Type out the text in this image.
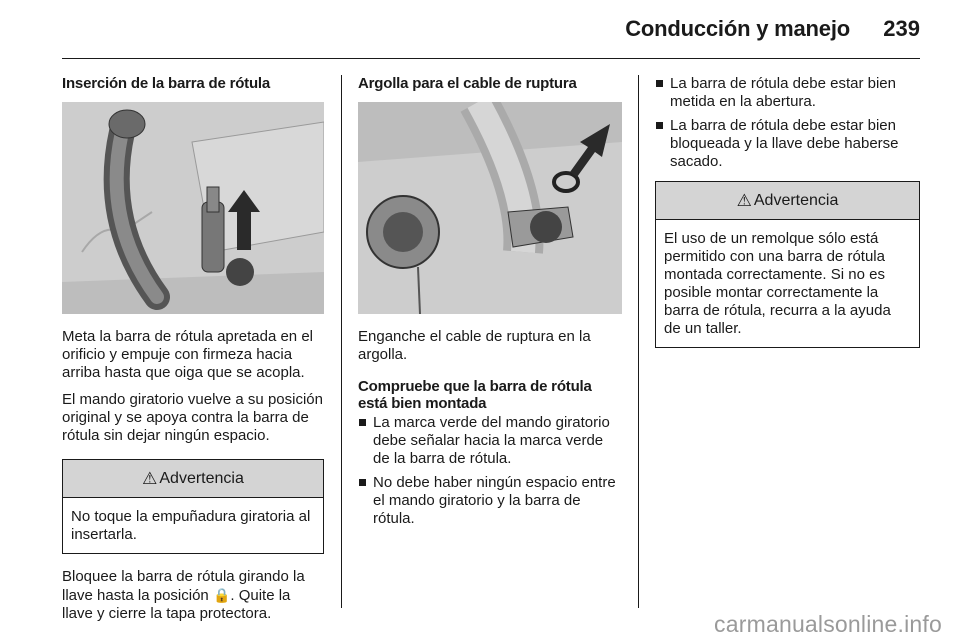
Conducción y manejo 239
Inserción de la barra de rótula

Meta la barra de rótula apretada en el orificio y empuje con firmeza hacia arriba hasta que oiga que se acopla.

El mando giratorio vuelve a su posición original y se apoya contra la barra de rótula sin dejar ningún espacio.

⚠ Advertencia
No toque la empuñadura giratoria al insertarla.

Bloquee la barra de rótula girando la llave hasta la posición 🔒. Quite la llave y cierre la tapa protectora.

Argolla para el cable de ruptura

Enganche el cable de ruptura en la argolla.

Compruebe que la barra de rótula está bien montada
La marca verde del mando giratorio debe señalar hacia la marca verde de la barra de rótula.
No debe haber ningún espacio entre el mando giratorio y la barra de rótula.
La barra de rótula debe estar bien metida en la abertura.
La barra de rótula debe estar bien bloqueada y la llave debe haberse sacado.
⚠ Advertencia
El uso de un remolque sólo está permitido con una barra de rótula montada correctamente. Si no es posible montar correctamente la barra de rótula, recurra a la ayuda de un taller.
carmanualsonline.info
